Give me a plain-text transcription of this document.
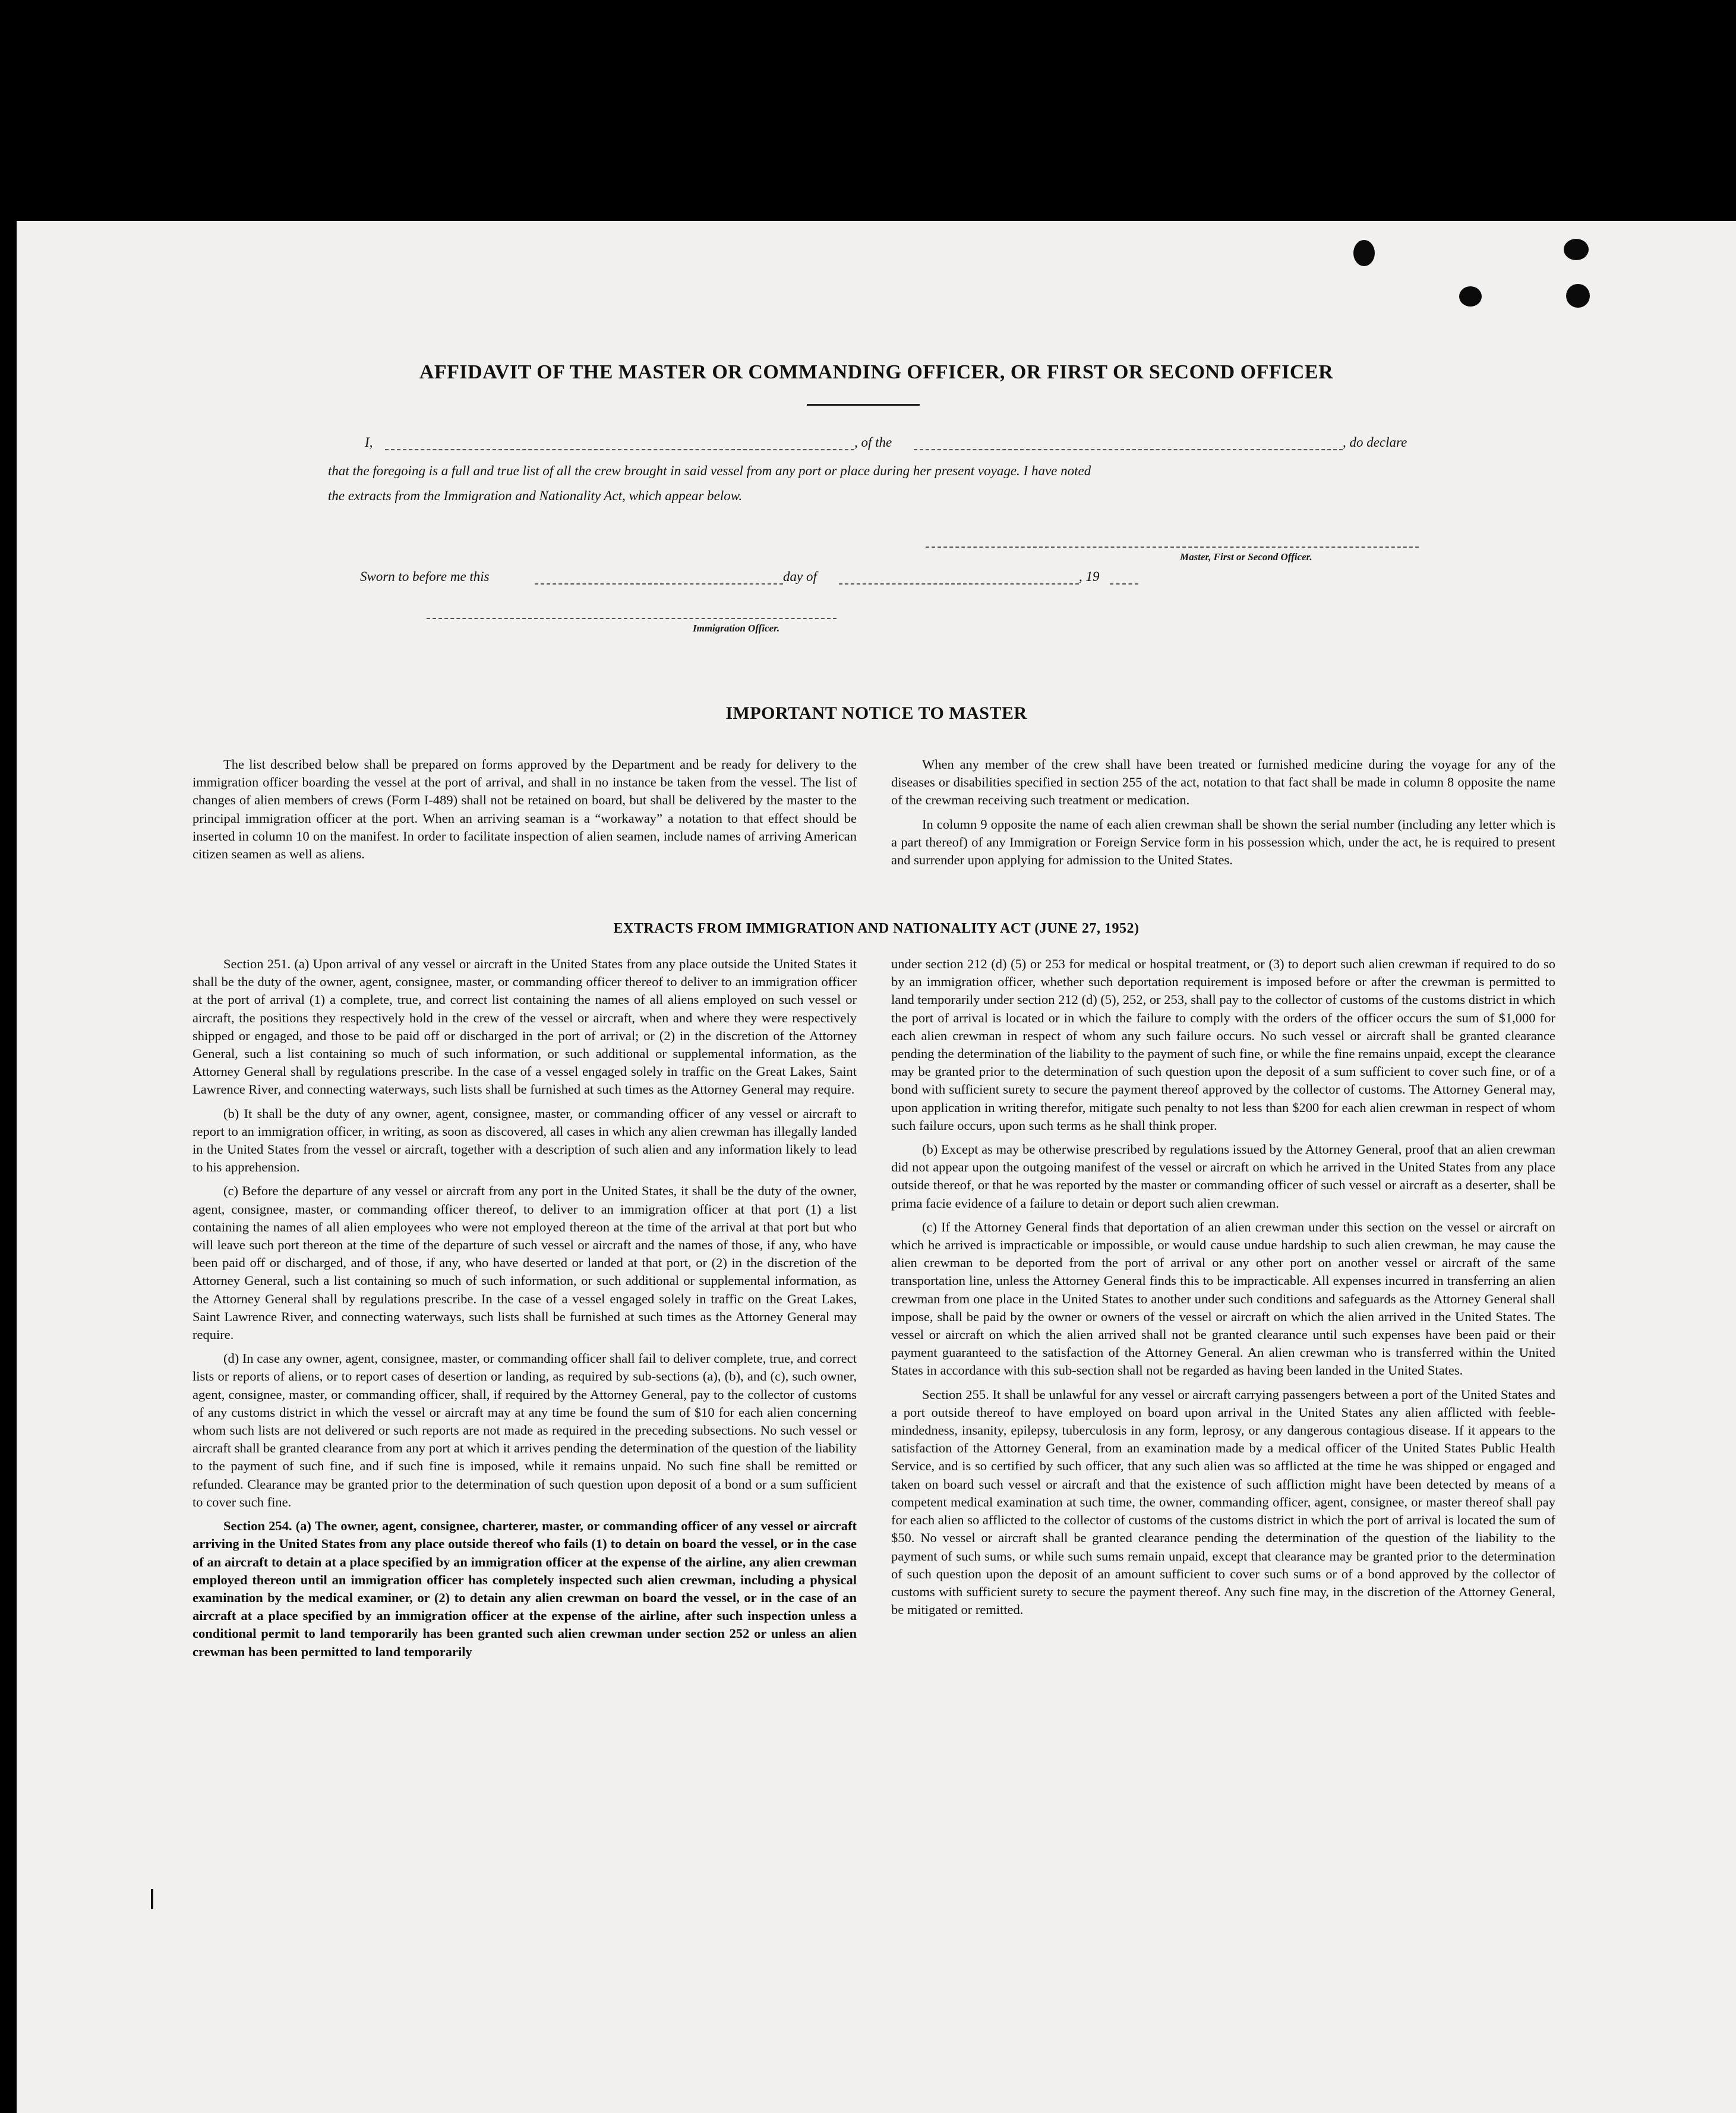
AFFIDAVIT OF THE MASTER OR COMMANDING OFFICER, OR FIRST OR SECOND OFFICER
I,	, of the	, do declare
that the foregoing is a full and true list of all the crew brought in said vessel from any port or place during her present voyage. I have noted
the extracts from the Immigration and Nationality Act, which appear below.
Master, First or Second Officer.
Sworn to before me this	day of	, 19
Immigration Officer.
IMPORTANT NOTICE TO MASTER

The list described below shall be prepared on forms approved by the Department and be ready for delivery to the immigration officer boarding the vessel at the port of arrival, and shall in no instance be taken from the vessel. The list of changes of alien members of crews (Form I-489) shall not be retained on board, but shall be delivered by the master to the principal immigration officer at the port. When an arriving seaman is a “workaway” a notation to that effect should be inserted in column 10 on the manifest. In order to facilitate inspection of alien seamen, include names of arriving American citizen seamen as well as aliens.

When any member of the crew shall have been treated or furnished medicine during the voyage for any of the diseases or disabilities specified in section 255 of the act, notation to that fact shall be made in column 8 opposite the name of the crewman receiving such treatment or medication.

In column 9 opposite the name of each alien crewman shall be shown the serial number (including any letter which is a part thereof) of any Immigration or Foreign Service form in his possession which, under the act, he is required to present and surrender upon applying for admission to the United States.

EXTRACTS FROM IMMIGRATION AND NATIONALITY ACT (JUNE 27, 1952)

Section 251. (a) Upon arrival of any vessel or aircraft in the United States from any place outside the United States it shall be the duty of the owner, agent, consignee, master, or commanding officer thereof to deliver to an immigration officer at the port of arrival (1) a complete, true, and correct list containing the names of all aliens employed on such vessel or aircraft, the positions they respectively hold in the crew of the vessel or aircraft, when and where they were respectively shipped or engaged, and those to be paid off or discharged in the port of arrival; or (2) in the discretion of the Attorney General, such a list containing so much of such information, or such additional or supplemental information, as the Attorney General shall by regulations prescribe. In the case of a vessel engaged solely in traffic on the Great Lakes, Saint Lawrence River, and connecting waterways, such lists shall be furnished at such times as the Attorney General may require.

(b) It shall be the duty of any owner, agent, consignee, master, or commanding officer of any vessel or aircraft to report to an immigration officer, in writing, as soon as discovered, all cases in which any alien crewman has illegally landed in the United States from the vessel or aircraft, together with a description of such alien and any information likely to lead to his apprehension.

(c) Before the departure of any vessel or aircraft from any port in the United States, it shall be the duty of the owner, agent, consignee, master, or commanding officer thereof, to deliver to an immigration officer at that port (1) a list containing the names of all alien employees who were not employed thereon at the time of the arrival at that port but who will leave such port thereon at the time of the departure of such vessel or aircraft and the names of those, if any, who have been paid off or discharged, and of those, if any, who have deserted or landed at that port, or (2) in the discretion of the Attorney General, such a list containing so much of such information, or such additional or supplemental information, as the Attorney General shall by regulations prescribe. In the case of a vessel engaged solely in traffic on the Great Lakes, Saint Lawrence River, and connecting waterways, such lists shall be furnished at such times as the Attorney General may require.

(d) In case any owner, agent, consignee, master, or commanding officer shall fail to deliver complete, true, and correct lists or reports of aliens, or to report cases of desertion or landing, as required by sub-sections (a), (b), and (c), such owner, agent, consignee, master, or commanding officer, shall, if required by the Attorney General, pay to the collector of customs of any customs district in which the vessel or aircraft may at any time be found the sum of $10 for each alien concerning whom such lists are not delivered or such reports are not made as required in the preceding subsections. No such vessel or aircraft shall be granted clearance from any port at which it arrives pending the determination of the question of the liability to the payment of such fine, and if such fine is imposed, while it remains unpaid. No such fine shall be remitted or refunded. Clearance may be granted prior to the determination of such question upon deposit of a bond or a sum sufficient to cover such fine.

Section 254. (a) The owner, agent, consignee, charterer, master, or commanding officer of any vessel or aircraft arriving in the United States from any place outside thereof who fails (1) to detain on board the vessel, or in the case of an aircraft to detain at a place specified by an immigration officer at the expense of the airline, any alien crewman employed thereon until an immigration officer has completely inspected such alien crewman, including a physical examination by the medical examiner, or (2) to detain any alien crewman on board the vessel, or in the case of an aircraft at a place specified by an immigration officer at the expense of the airline, after such inspection unless a conditional permit to land temporarily has been granted such alien crewman under section 252 or unless an alien crewman has been permitted to land temporarily

under section 212 (d) (5) or 253 for medical or hospital treatment, or (3) to deport such alien crewman if required to do so by an immigration officer, whether such deportation requirement is imposed before or after the crewman is permitted to land temporarily under section 212 (d) (5), 252, or 253, shall pay to the collector of customs of the customs district in which the port of arrival is located or in which the failure to comply with the orders of the officer occurs the sum of $1,000 for each alien crewman in respect of whom any such failure occurs. No such vessel or aircraft shall be granted clearance pending the determination of the liability to the payment of such fine, or while the fine remains unpaid, except the clearance may be granted prior to the determination of such question upon the deposit of a sum sufficient to cover such fine, or of a bond with sufficient surety to secure the payment thereof approved by the collector of customs. The Attorney General may, upon application in writing therefor, mitigate such penalty to not less than $200 for each alien crewman in respect of whom such failure occurs, upon such terms as he shall think proper.

(b) Except as may be otherwise prescribed by regulations issued by the Attorney General, proof that an alien crewman did not appear upon the outgoing manifest of the vessel or aircraft on which he arrived in the United States from any place outside thereof, or that he was reported by the master or commanding officer of such vessel or aircraft as a deserter, shall be prima facie evidence of a failure to detain or deport such alien crewman.

(c) If the Attorney General finds that deportation of an alien crewman under this section on the vessel or aircraft on which he arrived is impracticable or impossible, or would cause undue hardship to such alien crewman, he may cause the alien crewman to be deported from the port of arrival or any other port on another vessel or aircraft of the same transportation line, unless the Attorney General finds this to be impracticable. All expenses incurred in transferring an alien crewman from one place in the United States to another under such conditions and safeguards as the Attorney General shall impose, shall be paid by the owner or owners of the vessel or aircraft on which the alien arrived in the United States. The vessel or aircraft on which the alien arrived shall not be granted clearance until such expenses have been paid or their payment guaranteed to the satisfaction of the Attorney General. An alien crewman who is transferred within the United States in accordance with this sub-section shall not be regarded as having been landed in the United States.

Section 255. It shall be unlawful for any vessel or aircraft carrying passengers between a port of the United States and a port outside thereof to have employed on board upon arrival in the United States any alien afflicted with feeble-mindedness, insanity, epilepsy, tuberculosis in any form, leprosy, or any dangerous contagious disease. If it appears to the satisfaction of the Attorney General, from an examination made by a medical officer of the United States Public Health Service, and is so certified by such officer, that any such alien was so afflicted at the time he was shipped or engaged and taken on board such vessel or aircraft and that the existence of such affliction might have been detected by means of a competent medical examination at such time, the owner, commanding officer, agent, consignee, or master thereof shall pay for each alien so afflicted to the collector of customs of the customs district in which the port of arrival is located the sum of $50. No vessel or aircraft shall be granted clearance pending the determination of the question of the liability to the payment of such sums, or while such sums remain unpaid, except that clearance may be granted prior to the determination of such question upon the deposit of an amount sufficient to cover such sums or of a bond approved by the collector of customs with sufficient surety to secure the payment thereof. Any such fine may, in the discretion of the Attorney General, be mitigated or remitted.
